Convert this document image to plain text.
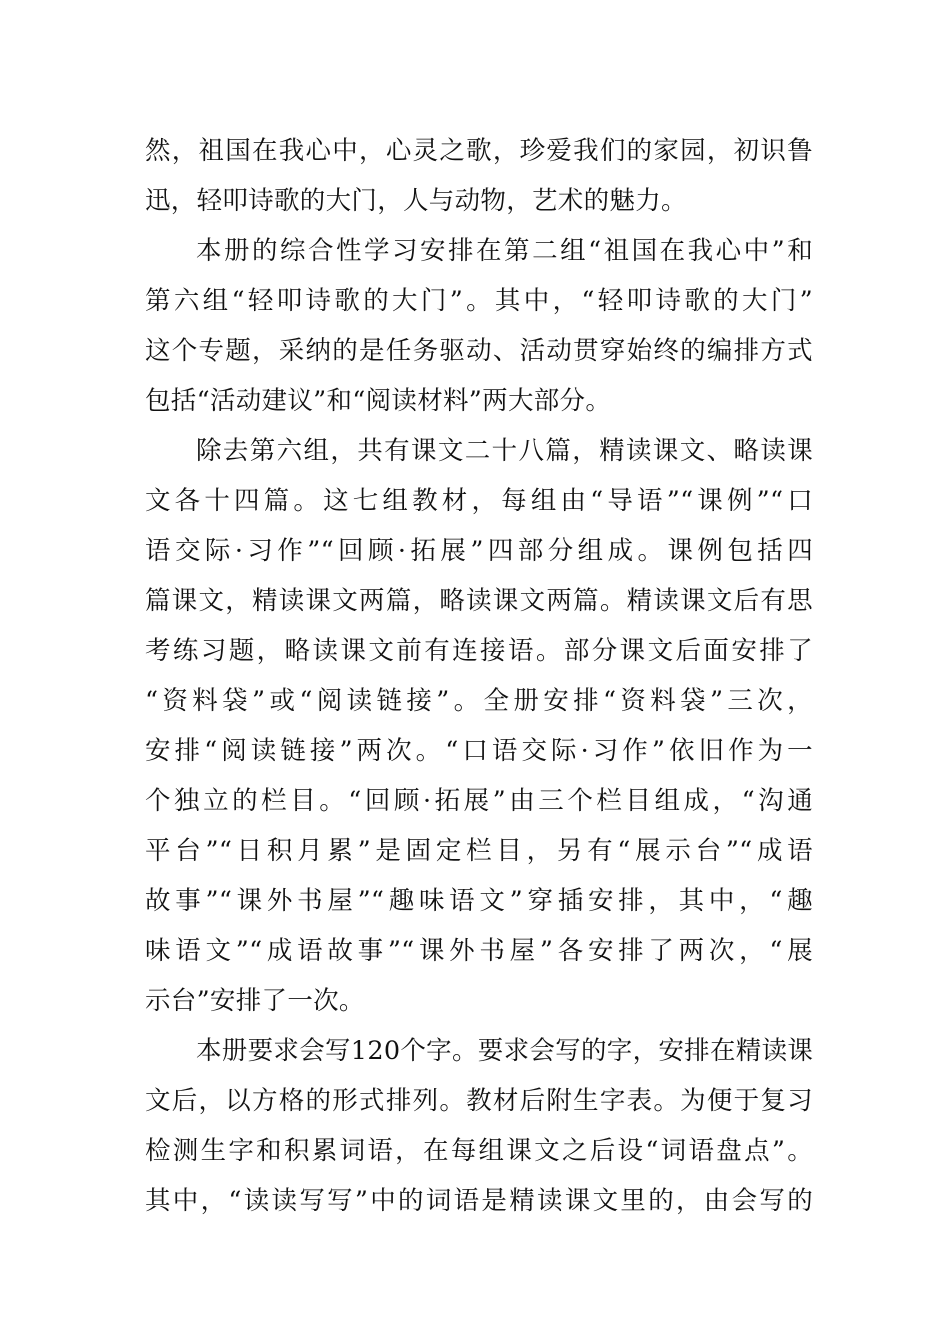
然，祖国在我心中，心灵之歌，珍爱我们的家园，初识鲁
迅，轻叩诗歌的大门，人与动物，艺术的魅力。
本册的综合性学习安排在第二组“祖国在我心中”和
第六组“轻叩诗歌的大门”。其中，“轻叩诗歌的大门”
这个专题，采纳的是任务驱动、活动贯穿始终的编排方式
包括“活动建议”和“阅读材料”两大部分。
除去第六组，共有课文二十八篇，精读课文、略读课
文各十四篇。这七组教材，每组由“导语”“课例”“口
语交际·习作”“回顾·拓展”四部分组成。课例包括四
篇课文，精读课文两篇，略读课文两篇。精读课文后有思
考练习题，略读课文前有连接语。部分课文后面安排了
“资料袋”或“阅读链接”。全册安排“资料袋”三次，
安排“阅读链接”两次。“口语交际·习作”依旧作为一
个独立的栏目。“回顾·拓展”由三个栏目组成，“沟通
平台”“日积月累”是固定栏目，另有“展示台”“成语
故事”“课外书屋”“趣味语文”穿插安排，其中，“趣
味语文”“成语故事”“课外书屋”各安排了两次，“展
示台”安排了一次。
本册要求会写120个字。要求会写的字，安排在精读课
文后，以方格的形式排列。教材后附生字表。为便于复习
检测生字和积累词语，在每组课文之后设“词语盘点”。
其中，“读读写写”中的词语是精读课文里的，由会写的
